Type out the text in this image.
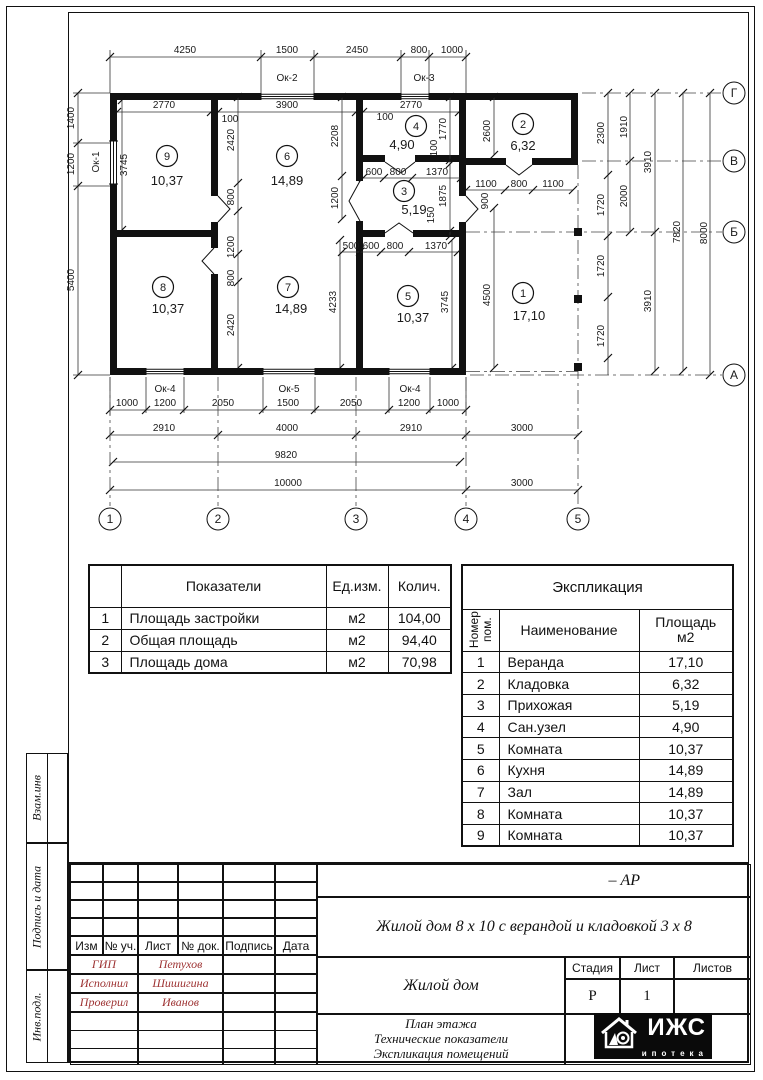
4250	1500	2450	800 1000
Ок-2	Ок-3
1400
1200
5400
Ок-1 3745
2770	3900	2770
100	100
2420
800
1200
800
2420
2208
1200
1770
100
1875
150
4233	3745
600 800 1370
500 600 800 1370
1100 800 1100
2600
900
4500
2300
1720
1720
1720
1910
2000
3910
3910
7820 8000
Ок-4	Ок-5	Ок-4
1000 1200	2050	1500	2050	1200 1000
2910	4000	2910	3000
9820
10000	3000
9
10,37
6
14,89
4
4,90
3
5,19
2
6,32
8
10,37
7
14,89
5
10,37
1
17,10
1	2	3	4	5
Г
В
Б
А
	Показатели	Ед.изм.	Колич.
1	Площадь застройки	м2	104,00
2	Общая площадь	м2	94,40
3	Площадь дома	м2	70,98
Экспликация		

Номер
пом.	Наименование	Площадь
м2
1	Веранда	17,10
2	Кладовка	6,32
3	Прихожая	5,19
4	Сан.узел	4,90
5	Комната	10,37
6	Кухня	14,89
7	Зал	14,89
8	Комната	10,37
9	Комната	10,37
– АР
Жилой дом 8 х 10 с верандой и кладовкой 3 х 8
Жилой дом
План этажа
Технические показатели
Экспликация помещений
Стадия	Лист	Листов
Р	1
ИЖС
ипотека
Изм № уч. Лист № док. Подпись Дата
ГИП	Петухов
Исполнил	Шишигина
Проверил	Иванов
Взам.инв
Подпись и дата
Инв.подл.
